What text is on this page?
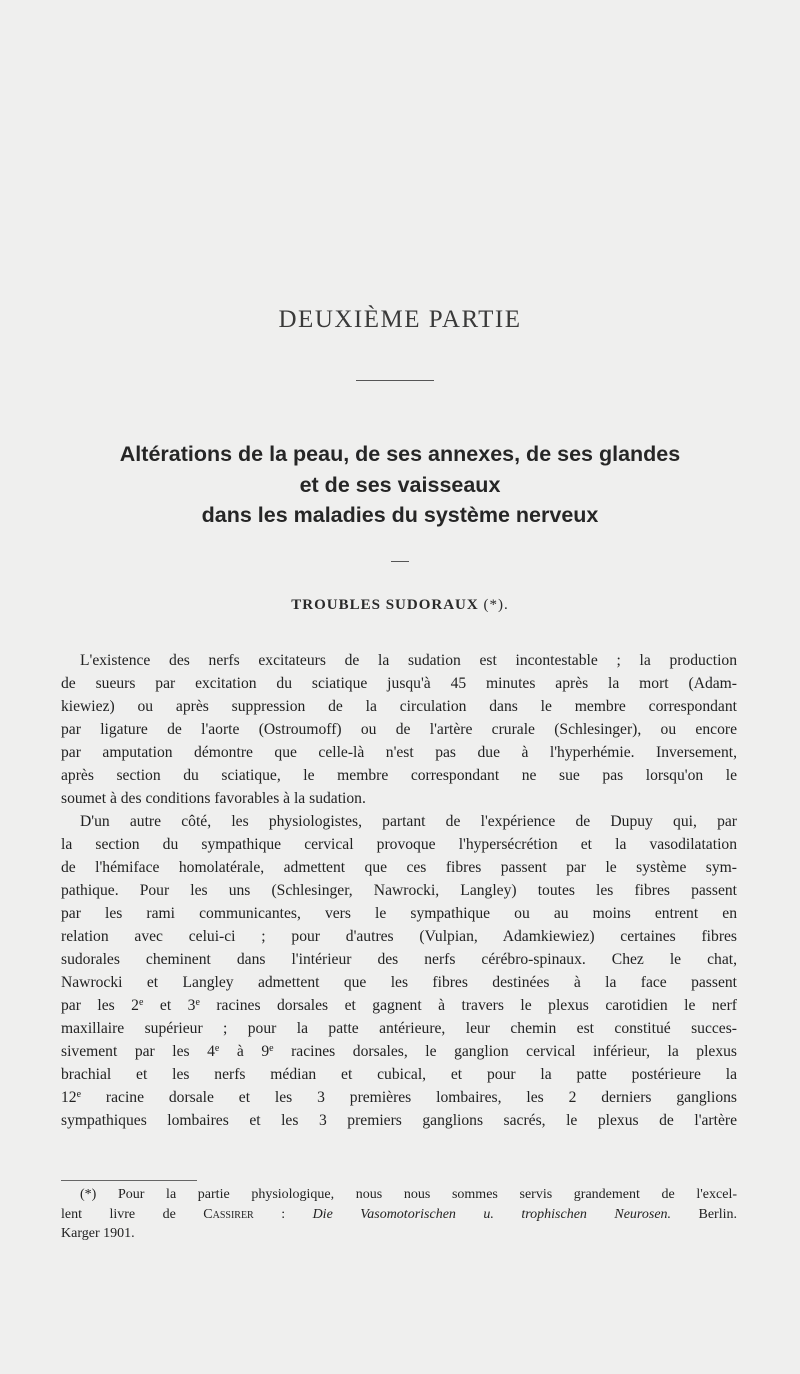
DEUXIÈME PARTIE
Altérations de la peau, de ses annexes, de ses glandes
et de ses vaisseaux
dans les maladies du système nerveux
TROUBLES SUDORAUX (*).
L'existence des nerfs excitateurs de la sudation est incontestable ; la production
de sueurs par excitation du sciatique jusqu'à 45 minutes après la mort (Adam-
kiewiez) ou après suppression de la circulation dans le membre correspondant
par ligature de l'aorte (Ostroumoff) ou de l'artère crurale (Schlesinger), ou encore
par amputation démontre que celle-là n'est pas due à l'hyperhémie. Inversement,
après section du sciatique, le membre correspondant ne sue pas lorsqu'on le
soumet à des conditions favorables à la sudation.
D'un autre côté, les physiologistes, partant de l'expérience de Dupuy qui, par
la section du sympathique cervical provoque l'hypersécrétion et la vasodilatation
de l'hémiface homolatérale, admettent que ces fibres passent par le système sym-
pathique. Pour les uns (Schlesinger, Nawrocki, Langley) toutes les fibres passent
par les rami communicantes, vers le sympathique ou au moins entrent en
relation avec celui-ci ; pour d'autres (Vulpian, Adamkiewiez) certaines fibres
sudorales cheminent dans l'intérieur des nerfs cérébro-spinaux. Chez le chat,
Nawrocki et Langley admettent que les fibres destinées à la face passent
par les 2e et 3e racines dorsales et gagnent à travers le plexus carotidien le nerf
maxillaire supérieur ; pour la patte antérieure, leur chemin est constitué succes-
sivement par les 4e à 9e racines dorsales, le ganglion cervical inférieur, la plexus
brachial et les nerfs médian et cubical, et pour la patte postérieure la
12e racine dorsale et les 3 premières lombaires, les 2 derniers ganglions
sympathiques lombaires et les 3 premiers ganglions sacrés, le plexus de l'artère
(*) Pour la partie physiologique, nous nous sommes servis grandement de l'excel-
lent livre de Cassirer : Die Vasomotorischen u. trophischen Neurosen. Berlin.
Karger 1901.
